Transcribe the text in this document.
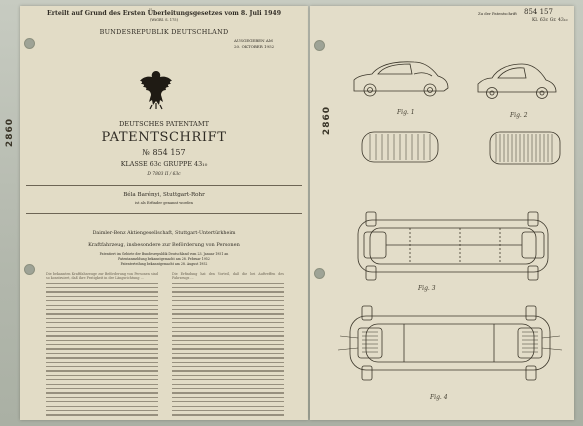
Erteilt auf Grund des Ersten Überleitungsgesetzes vom 8. Juli 1949
(WiGBl. S. 175)
BUNDESREPUBLIK DEUTSCHLAND
AUSGEGEBEN AM
20. OKTOBER 1952
DEUTSCHES PATENTAMT
PATENTSCHRIFT
№ 854 157
KLASSE 63c GRUPPE 43₁₀
D 7803 II / 63c
Béla Barényi, Stuttgart-Rohr
ist als Erfinder genannt worden
Daimler-Benz Aktiengesellschaft, Stuttgart-Untertürkheim
Kraftfahrzeug, insbesondere zur Beförderung von Personen
Patentiert im Gebiete der Bundesrepublik Deutschland vom 23. Januar 1951 an
Patentanmeldung bekanntgemacht am 28. Februar 1952
Patenterteilung bekanntgemacht am 28. August 1952
Die bekannten Kraftfahrzeuge zur Beförderung von Personen sind so konstruiert, daß ihre Festigkeit in der Längsrichtung ...
Die Erfindung hat den Vorteil, daß die bei Auftreffen des Fahrzeugs ...
2860
Zu der Patentschrift 854 157
Kl. 63c Gr. 43₁₀
2860	Fig. 1	Fig. 2
Fig. 3
Fig. 4
